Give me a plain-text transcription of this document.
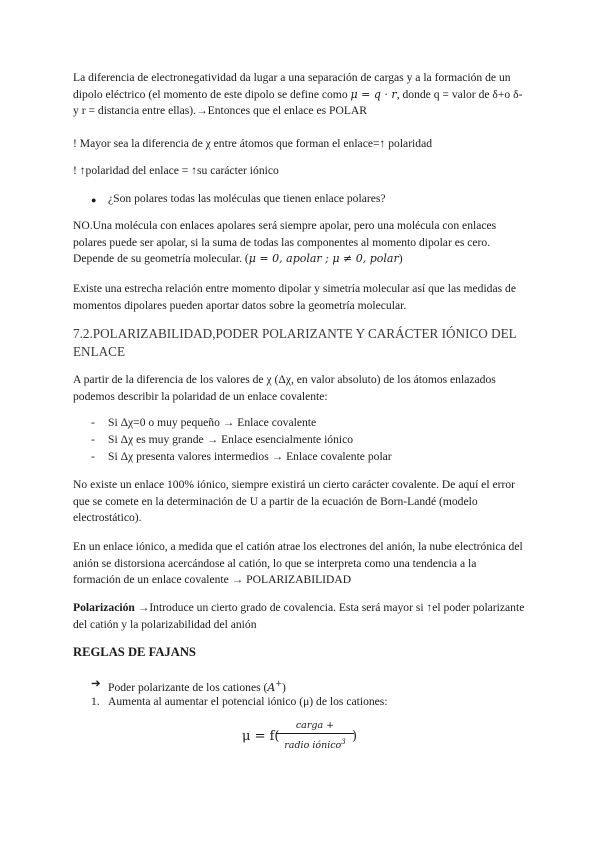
La diferencia de electronegatividad da lugar a una separación de cargas y a la formación de un dipolo eléctrico (el momento de este dipolo se define como μ = q · r, donde q = valor de δ+o δ- y r = distancia entre ellas).→Entonces que el enlace es POLAR

! Mayor sea la diferencia de χ entre átomos que forman el enlace=↑ polaridad

! ↑polaridad del enlace = ↑su carácter iónico

● ¿Son polares todas las moléculas que tienen enlace polares?

NO.Una molécula con enlaces apolares será siempre apolar, pero una molécula con enlaces polares puede ser apolar, si la suma de todas las componentes al momento dipolar es cero. Depende de su geometría molecular. (μ = 0, apolar ; μ ≠ 0, polar)

Existe una estrecha relación entre momento dipolar y simetría molecular así que las medidas de momentos dipolares pueden aportar datos sobre la geometría molecular.

7.2.POLARIZABILIDAD,PODER POLARIZANTE Y CARÁCTER IÓNICO DEL ENLACE

A partir de la diferencia de los valores de χ (Δχ, en valor absoluto) de los átomos enlazados podemos describir la polaridad de un enlace covalente:

- Si Δχ=0 o muy pequeño → Enlace covalente
- Si Δχ es muy grande → Enlace esencialmente iónico
- Si Δχ presenta valores intermedios → Enlace covalente polar

No existe un enlace 100% iónico, siempre existirá un cierto carácter covalente. De aquí el error que se comete en la determinación de U a partir de la ecuación de Born-Landé (modelo electrostático).

En un enlace iónico, a medida que el catión atrae los electrones del anión, la nube electrónica del anión se distorsiona acercándose al catión, lo que se interpreta como una tendencia a la formación de un enlace covalente → POLARIZABILIDAD

Polarización →Introduce un cierto grado de covalencia. Esta será mayor si ↑el poder polarizante del catión y la polarizabilidad del anión

REGLAS DE FAJANS
➔ Poder polarizante de los cationes (A+)
1. Aumenta al aumentar el potencial iónico (μ) de los cationes:
μ = f(
carga +
radio iónico$^3$ )
